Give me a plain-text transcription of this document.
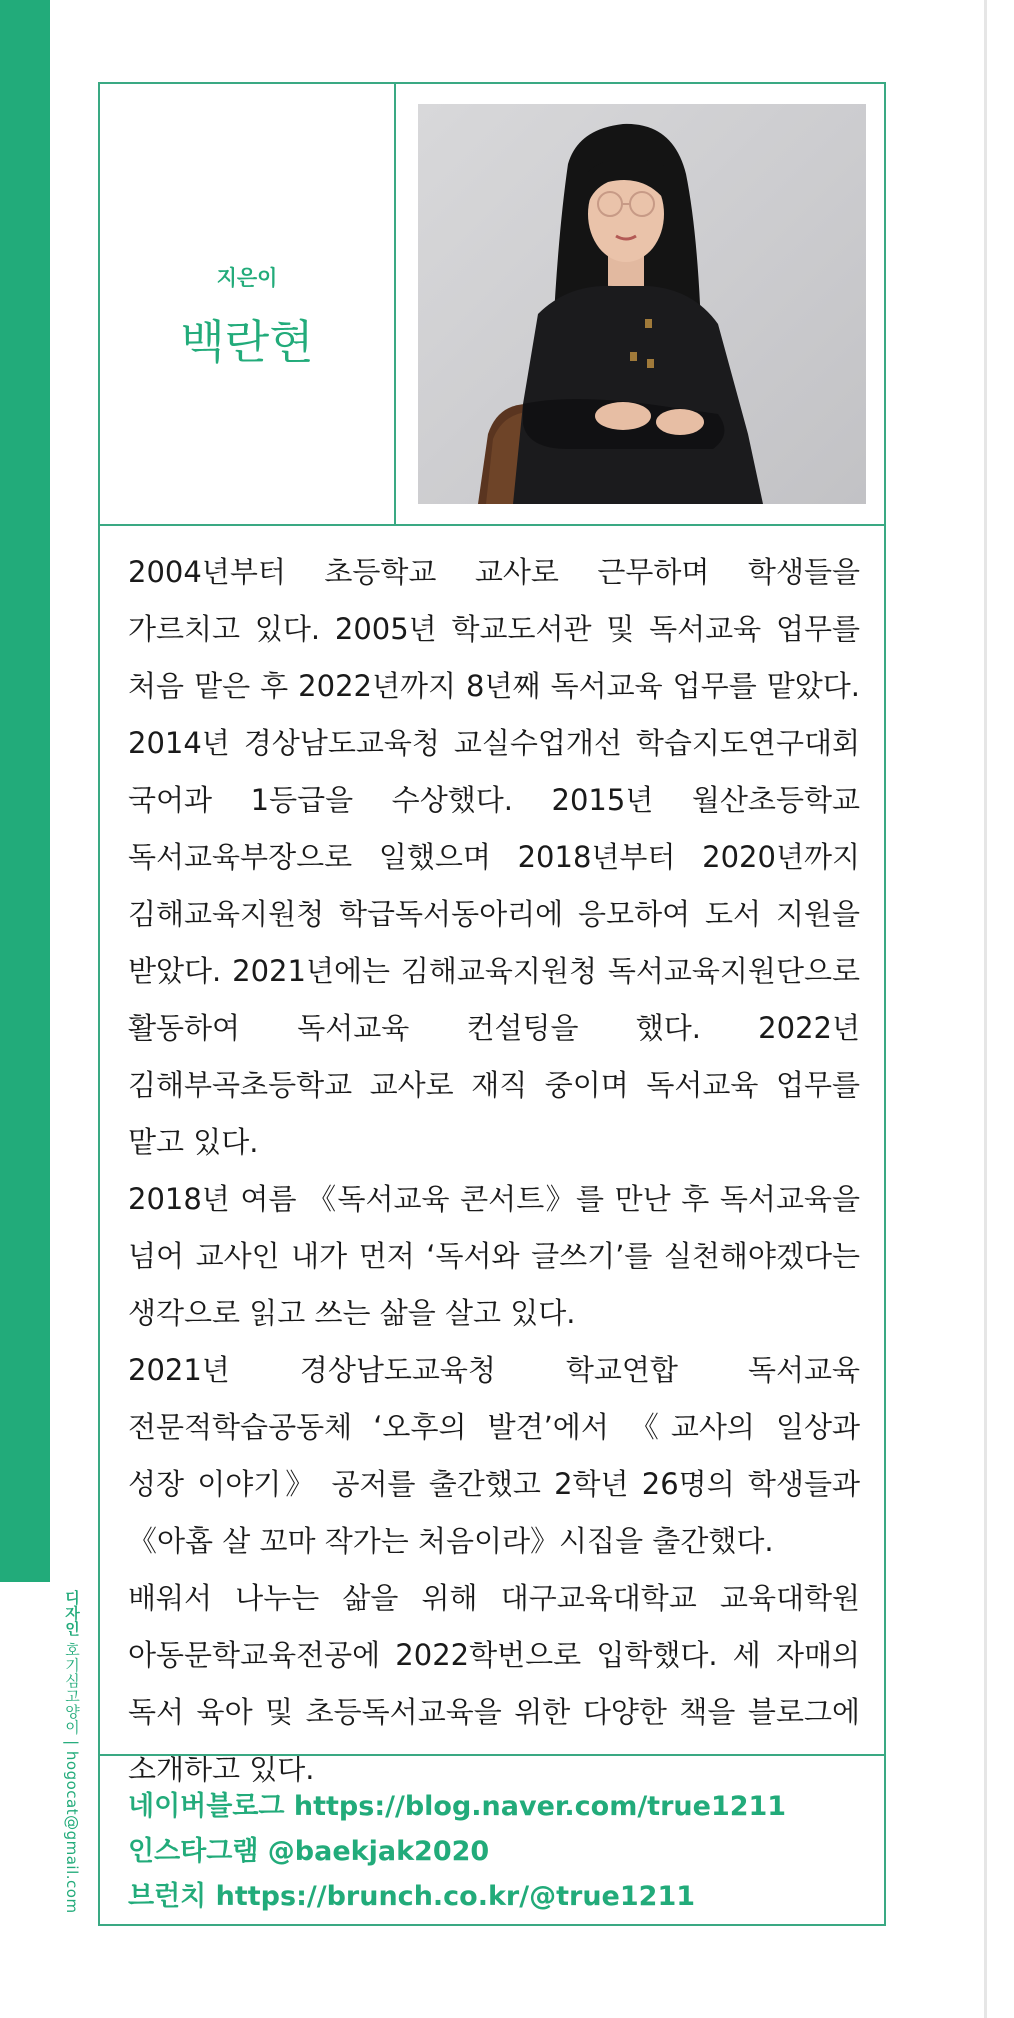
디자인 호기심고양이 | hogocat@gmail.com
지은이
백란현

2004년부터 초등학교 교사로 근무하며 학생들을 가르치고 있다. 2005년 학교도서관 및 독서교육 업무를 처음 맡은 후 2022년까지 8년째 독서교육 업무를 맡았다. 2014년 경상남도교육청 교실수업개선 학습지도연구대회 국어과 1등급을 수상했다. 2015년 월산초등학교 독서교육부장으로 일했으며 2018년부터 2020년까지 김해교육지원청 학급독서동아리에 응모하여 도서 지원을 받았다. 2021년에는 김해교육지원청 독서교육지원단으로 활동하여 독서교육 컨설팅을 했다. 2022년 김해부곡초등학교 교사로 재직 중이며 독서교육 업무를 맡고 있다.

2018년 여름 《독서교육 콘서트》를 만난 후 독서교육을 넘어 교사인 내가 먼저 ‘독서와 글쓰기’를 실천해야겠다는 생각으로 읽고 쓰는 삶을 살고 있다.

2021년 경상남도교육청 학교연합 독서교육 전문적학습공동체 ‘오후의 발견’에서 《교사의 일상과 성장 이야기》 공저를 출간했고 2학년 26명의 학생들과 《아홉 살 꼬마 작가는 처음이라》시집을 출간했다.

배워서 나누는 삶을 위해 대구교육대학교 교육대학원 아동문학교육전공에 2022학번으로 입학했다. 세 자매의 독서 육아 및 초등독서교육을 위한 다양한 책을 블로그에 소개하고 있다.

네이버블로그 https://blog.naver.com/true1211
인스타그램 @baekjak2020
브런치 https://brunch.co.kr/@true1211
